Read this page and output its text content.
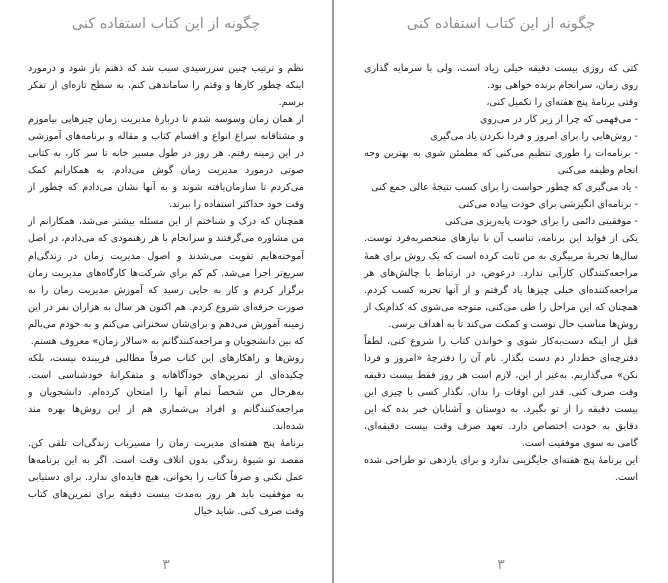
چگونه از این کتاب استفاده کنی

نظم و ترتیب چنین سررسیدی سبب شد که ذهنم باز شود و درمورد اینکه چطور کارها و وقتم را ساماندهی کنم، به سطح تازه‌ای از تفکر برسم.

از همان زمان وسوسه شدم تا دربارهٔ مدیریت زمان چیزهایی بیاموزم و مشتاقانه سراغ انواع و اقسام کتاب و مقاله و برنامه‌های آموزشی در این زمینه رفتم. هر روز در طول مسیر خانه تا سر کار، به کتابی صوتی درمورد مدیریت زمان گوش می‌دادم. به همکارانم کمک می‌کردم تا سازمان‌یافته شوند و به آنها نشان می‌دادم که چطور از وقت خود حداکثر استفاده را ببرند.

همچنان که درک و شناختم از این مسئله بیشتر می‌شد، همکارانم از من مشاوره می‌گرفتند و سرانجام با هر رهنمودی که می‌دادم، در اصل آموخته‌هایم تقویت می‌شدند و اصول مدیریت زمان در زندگی‌ام سریع‌تر اجرا می‌شد. کم کم برای شرکت‌ها کارگاه‌های مدیریت زمان برگزار کردم و کار به جایی رسید که آموزش مدیریت زمان را به صورت حرفه‌ای شروع کردم. هم اکنون هر سال به هزاران نفر در این زمینه آموزش می‌دهم و برای‌شان سخنرانی می‌کنم و به خودم می‌بالم که بین دانشجویان و مراجعه‌کنندگانم به «سالار زمان» معروف هستم.

روش‌ها و راهکارهای این کتاب صرفاً مطالبی فریبنده نیست، بلکه چکیده‌ای از تمرین‌های خودآگاهانه و متفکرانهٔ خودشناسی است. به‌هرحال من شخصاً تمام آنها را امتحان کرده‌ام. دانشجویان و مراجعه‌کنندگانم و افراد بی‌شماری هم از این روش‌ها بهره مند شده‌اند.

برنامهٔ پنج هفته‌ای مدیریت زمان را مسیرباب زندگی‌ات تلقی کن. مقصد تو شیوهٔ زندگی بدون اتلاف وقت است. اگر به این برنامه‌ها عمل نکنی و صرفاً کتاب را بخوانی، هیچ فایده‌ای ندارد. برای دستیابی به موفقیت باید هر روز به‌مدت بیست دقیقه برای تمرین‌های کتاب وقت صرف کنی. شاید خیال

٣
چگونه از این کتاب استفاده کنی

کتی که روزی بیست دقیقه خیلی زیاد است، ولی با سرمایه گذاری روی زمان، سرانجام برنده خواهی بود.

وقتی برنامهٔ پنج هفته‌ای را تکمیل کنی،

- می‌فهمی که چرا از زیر کار در می‌روی

- روش‌هایی را برای امروز و فردا نکردن یاد می‌گیری

- برنامه‌ات را طوری تنظیم می‌کنی که مطمئن شوی به بهترین وجه انجام وظیفه می‌کنی

- یاد می‌گیری که چطور حواست را برای کسب نتیجهٔ عالی جمع کنی

- برنامه‌ای انگیزشی برای خودت پیاده می‌کنی

- موفقیتی دائمی را برای خودت پایه‌ریزی می‌کنی

یکی از فواید این برنامه، تناسب آن با نیازهای منحصربه‌فرد توست. سال‌ها تجربهٔ مربیگری به من ثابت کرده است که یک روش برای همهٔ مراجعه‌کنندگان کارآیی ندارد. درعوض، در ارتباط با چالش‌های هر مراجعه‌کننده‌ای خیلی چیزها یاد گرفتم و از آنها تجربه کسب کردم. همچنان که این مراحل را طی می‌کنی، متوجه می‌شوی که کدام‌یک از روش‌ها مناسب حال توست و کمکت می‌کند تا به اهداف برسی.

قبل از اینکه دست‌به‌کار شوی و خواندن کتاب را شروع کنی، لطفاً دفترچه‌ای خط‌دار دم دست بگذار. نام آن را دفترچهٔ «امروز و فردا نکن» می‌گذاریم. به‌غیر از این، لازم است هر روز فقط بیست دقیقه وقت صرف کنی. قدر این اوقات را بدان. نگذار کسی یا چیزی این بیست دقیقه را از تو بگیرد. به دوستان و آشنایان خبر بده که این دقایق به خودت اختصاص دارد. تعهد صرف وقت بیست دقیقه‌ای، گامی به سوی موفقیت است.

این برنامهٔ پنج هفته‌ای جایگزینی ندارد و برای یازدهی تو طراحی شده است.

٣
